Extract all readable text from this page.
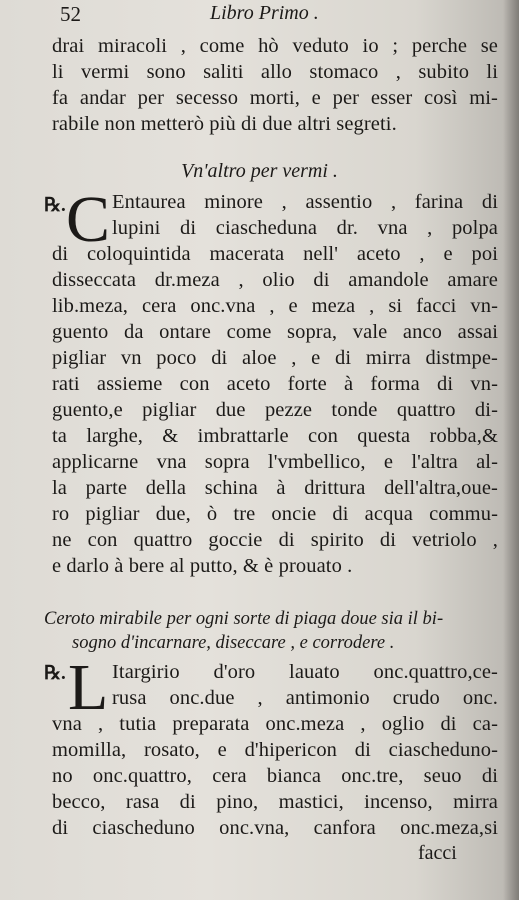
52	Libro Primo .
drai miracoli , come hò veduto io ; perche se
li vermi sono saliti allo stomaco , subito li
fa andar per secesso morti, e per esser così mi-
rabile non metterò più di due altri segreti.
Vn'altro per vermi .
℞. C Entaurea minore , assentio , farina di
lupini di ciascheduna dr. vna , polpa
di coloquintida macerata nell' aceto , e poi
disseccata dr.meza , olio di amandole amare
lib.meza, cera onc.vna , e meza , si facci vn-
guento da ontare come sopra, vale anco assai
pigliar vn poco di aloe , e di mirra distmpe-
rati assieme con aceto forte à forma di vn-
guento,e pigliar due pezze tonde quattro di-
ta larghe, & imbrattarle con questa robba,&
applicarne vna sopra l'vmbellico, e l'altra al-
la parte della schina à drittura dell'altra,oue-
ro pigliar due, ò tre oncie di acqua commu-
ne con quattro goccie di spirito di vetriolo ,
e darlo à bere al putto, & è prouato .
Ceroto mirabile per ogni sorte di piaga doue sia il bi-
sogno d'incarnare, diseccare , e corrodere .
℞. L Itargirio d'oro lauato onc.quattro,ce-
rusa onc.due , antimonio crudo onc.
vna , tutia preparata onc.meza , oglio di ca-
momilla, rosato, e d'hipericon di ciascheduno-
no onc.quattro, cera bianca onc.tre, seuo di
becco, rasa di pino, mastici, incenso, mirra
di ciascheduno onc.vna, canfora onc.meza,si
facci
